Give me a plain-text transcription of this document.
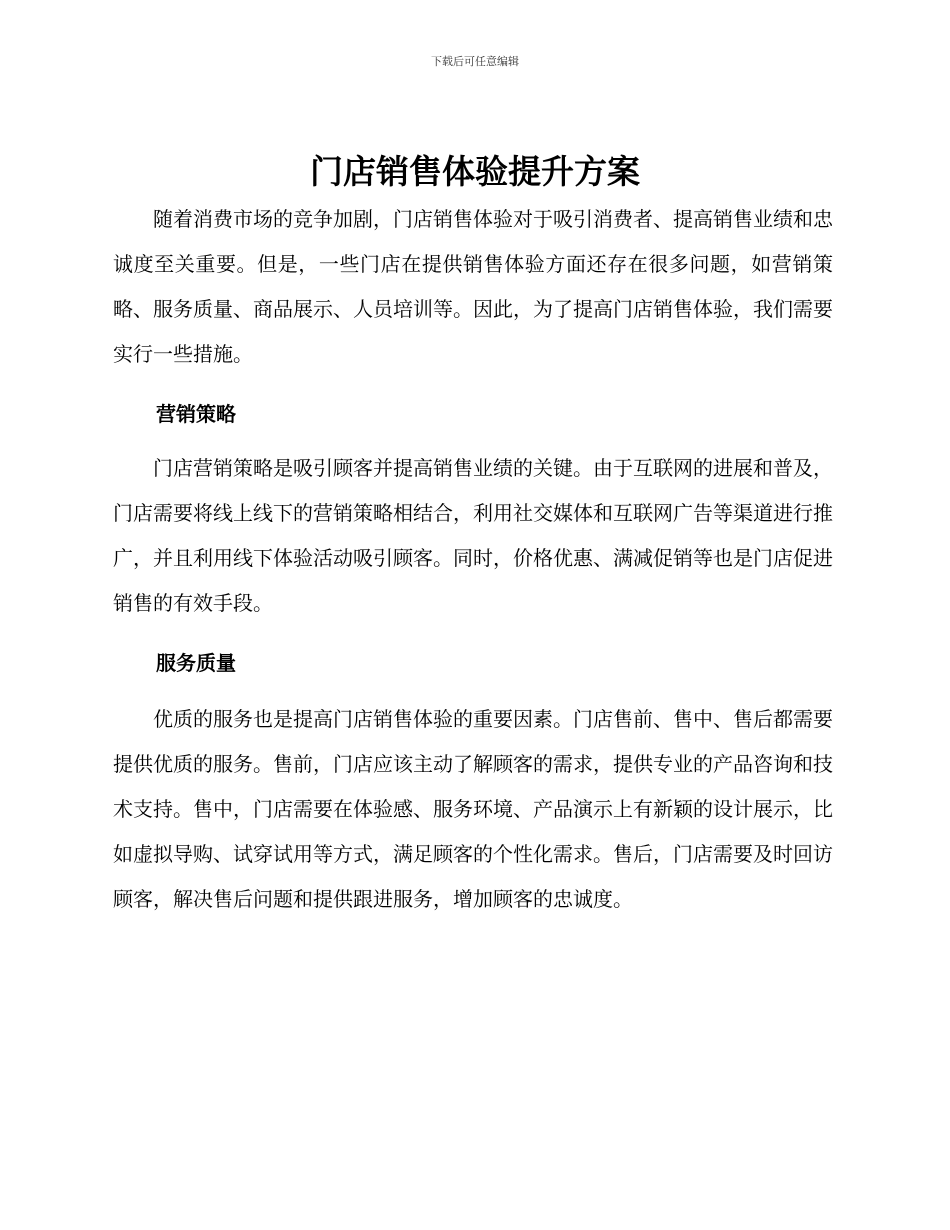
下载后可任意编辑
门店销售体验提升方案

随着消费市场的竞争加剧，门店销售体验对于吸引消费者、提高销售业绩和忠诚度至关重要。但是，一些门店在提供销售体验方面还存在很多问题，如营销策略、服务质量、商品展示、人员培训等。因此，为了提高门店销售体验，我们需要实行一些措施。

营销策略

门店营销策略是吸引顾客并提高销售业绩的关键。由于互联网的进展和普及，门店需要将线上线下的营销策略相结合，利用社交媒体和互联网广告等渠道进行推广，并且利用线下体验活动吸引顾客。同时，价格优惠、满减促销等也是门店促进销售的有效手段。

服务质量

优质的服务也是提高门店销售体验的重要因素。门店售前、售中、售后都需要提供优质的服务。售前，门店应该主动了解顾客的需求，提供专业的产品咨询和技术支持。售中，门店需要在体验感、服务环境、产品演示上有新颖的设计展示，比如虚拟导购、试穿试用等方式，满足顾客的个性化需求。售后，门店需要及时回访顾客，解决售后问题和提供跟进服务，增加顾客的忠诚度。
